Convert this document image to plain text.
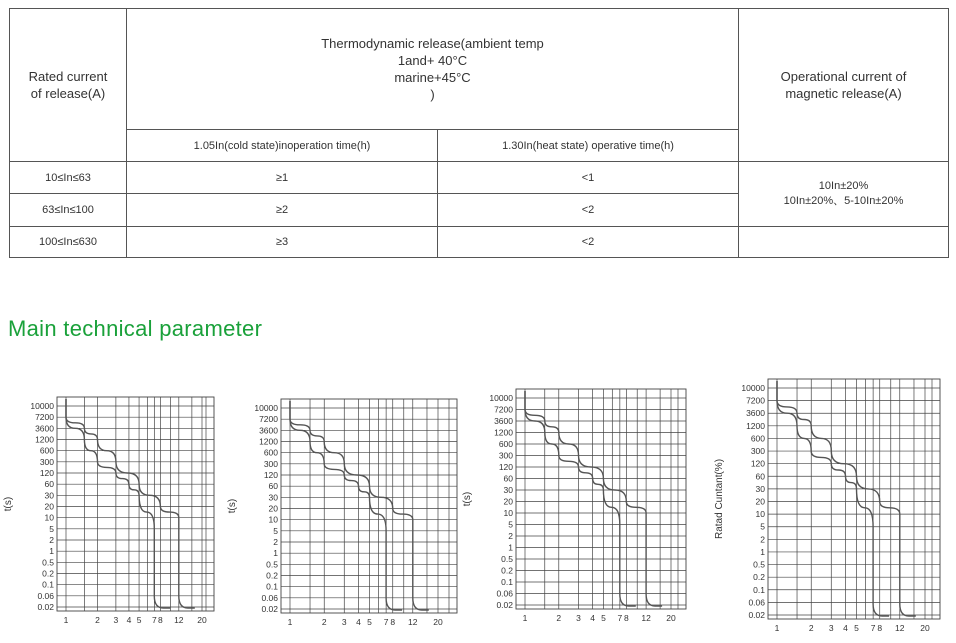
Rated current
of release(A)	Thermodynamic release(ambient temp
1and+ 40°C
marine+45°C
)		Operational current of
magnetic release(A)
	1.05In(cold state)inoperation time(h)	1.30In(heat state) operative time(h)	
10≤In≤63	≥1	<1	10In±20%
10In±20%、5-10In±20%
63≤In≤100	≥2	<2	
100≤In≤630	≥3	<2	
Main technical parameter
10000
7200
3600
1200
600
300
120
60
30
20
10
5
2
1
0.5
0.2
0.1
0.06
0.02
1	2 3 4 5 7 8 12 20
t(s)
10000
7200
3600
1200
600
300
120
60
30
20
10
5
2
1
0.5
0.2
0.1
0.06
0.02
1	2 3 4 5 7 8 12 20
t(s)
10000
7200
3600
1200
600
300
120
60
30
20
10
5
2
1
0.5
0.2
0.1
0.06
0.02
1	2 3 4 5 7 8 12 20
t(s)
10000
7200
3600
1200
600
300
120
60
30
20
10
5
2
1
0.5
0.2
0.1
0.06
0.02
1	2 3 4 5 7 8 12 20
Ratad Cuntant(%)
